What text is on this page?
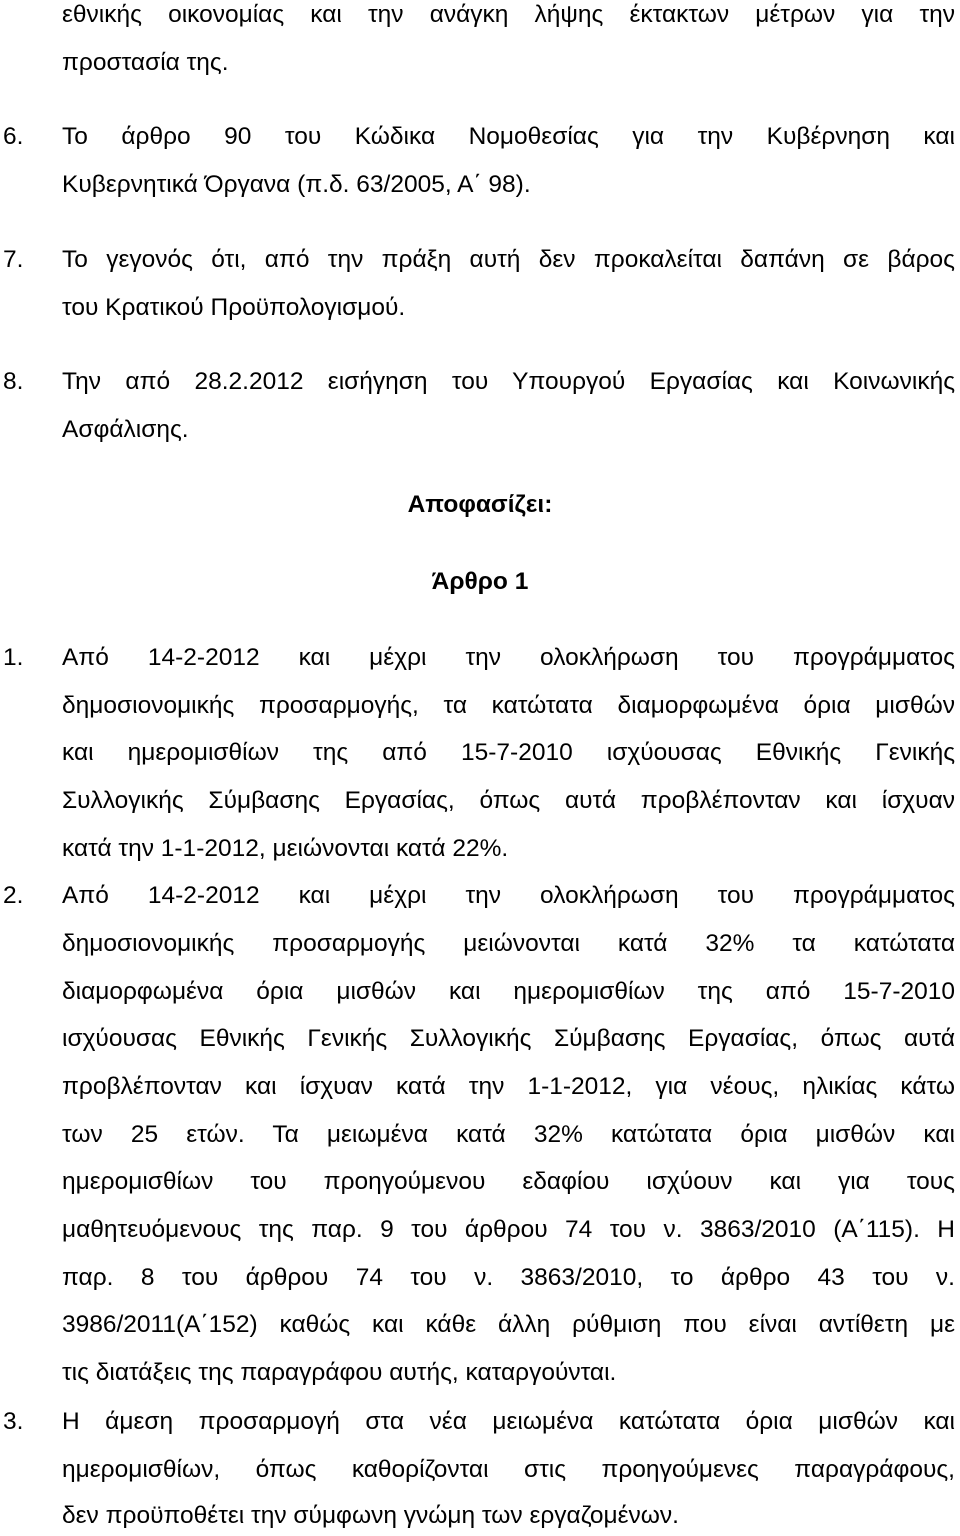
εθνικής οικονομίας και την ανάγκη λήψης έκτακτων μέτρων για την
προστασία της.
6. Το άρθρο 90 του Κώδικα Νομοθεσίας για την Κυβέρνηση και
Κυβερνητικά Όργανα (π.δ. 63/2005, Α΄ 98).
7. Το γεγονός ότι, από την πράξη αυτή δεν προκαλείται δαπάνη σε βάρος
του Κρατικού Προϋπολογισμού.
8. Την από 28.2.2012 εισήγηση του Υπουργού Εργασίας και Κοινωνικής
Ασφάλισης.
Αποφασίζει:
Άρθρο 1
1. Από 14-2-2012 και μέχρι την ολοκλήρωση του προγράμματος
δημοσιονομικής προσαρμογής, τα κατώτατα διαμορφωμένα όρια μισθών
και ημερομισθίων της από 15-7-2010 ισχύουσας Εθνικής Γενικής
Συλλογικής Σύμβασης Εργασίας, όπως αυτά προβλέπονταν και ίσχυαν
κατά την 1-1-2012, μειώνονται κατά 22%.
2. Από 14-2-2012 και μέχρι την ολοκλήρωση του προγράμματος
δημοσιονομικής προσαρμογής μειώνονται κατά 32% τα κατώτατα
διαμορφωμένα όρια μισθών και ημερομισθίων της από 15-7-2010
ισχύουσας Εθνικής Γενικής Συλλογικής Σύμβασης Εργασίας, όπως αυτά
προβλέπονταν και ίσχυαν κατά την 1-1-2012, για νέους, ηλικίας κάτω
των 25 ετών. Τα μειωμένα κατά 32% κατώτατα όρια μισθών και
ημερομισθίων του προηγούμενου εδαφίου ισχύουν και για τους
μαθητευόμενους της παρ. 9 του άρθρου 74 του ν. 3863/2010 (Α΄115). Η
παρ. 8 του άρθρου 74 του ν. 3863/2010, το άρθρο 43 του ν.
3986/2011(Α΄152) καθώς και κάθε άλλη ρύθμιση που είναι αντίθετη με
τις διατάξεις της παραγράφου αυτής, καταργούνται.
3. Η άμεση προσαρμογή στα νέα μειωμένα κατώτατα όρια μισθών και
ημερομισθίων, όπως καθορίζονται στις προηγούμενες παραγράφους,
δεν προϋποθέτει την σύμφωνη γνώμη των εργαζομένων.
